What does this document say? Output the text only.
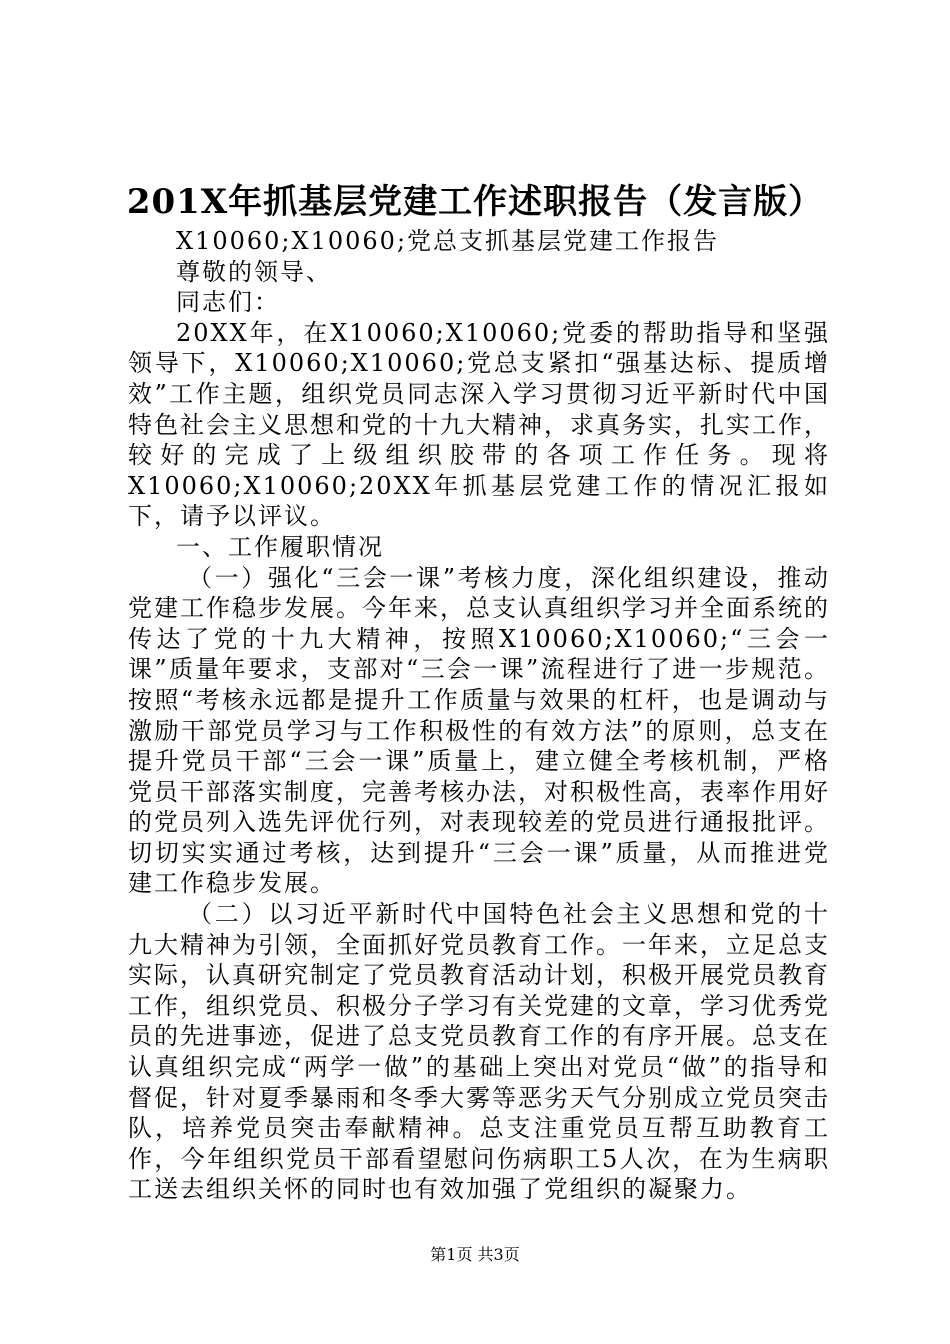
201X年抓基层党建工作述职报告（发言版）

X10060;X10060;党总支抓基层党建工作报告

尊敬的领导、

同志们：

20XX年，在X10060;X10060;党委的帮助指导和坚强领导下，X10060;X10060;党总支紧扣“强基达标、提质增效”工作主题，组织党员同志深入学习贯彻习近平新时代中国特色社会主义思想和党的十九大精神，求真务实，扎实工作，较好的完成了上级组织胶带的各项工作任务。现将X10060;X10060;20XX年抓基层党建工作的情况汇报如下，请予以评议。

一、工作履职情况

（一）强化“三会一课”考核力度，深化组织建设，推动党建工作稳步发展。今年来，总支认真组织学习并全面系统的传达了党的十九大精神，按照X10060;X10060;“三会一课”质量年要求，支部对“三会一课”流程进行了进一步规范。按照“考核永远都是提升工作质量与效果的杠杆，也是调动与激励干部党员学习与工作积极性的有效方法”的原则，总支在提升党员干部“三会一课”质量上，建立健全考核机制，严格党员干部落实制度，完善考核办法，对积极性高，表率作用好的党员列入选先评优行列，对表现较差的党员进行通报批评。切切实实通过考核，达到提升“三会一课”质量，从而推进党建工作稳步发展。

（二）以习近平新时代中国特色社会主义思想和党的十九大精神为引领，全面抓好党员教育工作。一年来，立足总支实际，认真研究制定了党员教育活动计划，积极开展党员教育工作，组织党员、积极分子学习有关党建的文章，学习优秀党员的先进事迹，促进了总支党员教育工作的有序开展。总支在认真组织完成“两学一做”的基础上突出对党员“做”的指导和督促，针对夏季暴雨和冬季大雾等恶劣天气分别成立党员突击队，培养党员突击奉献精神。总支注重党员互帮互助教育工作，今年组织党员干部看望慰问伤病职工5人次，在为生病职工送去组织关怀的同时也有效加强了党组织的凝聚力。

第1页 共3页
